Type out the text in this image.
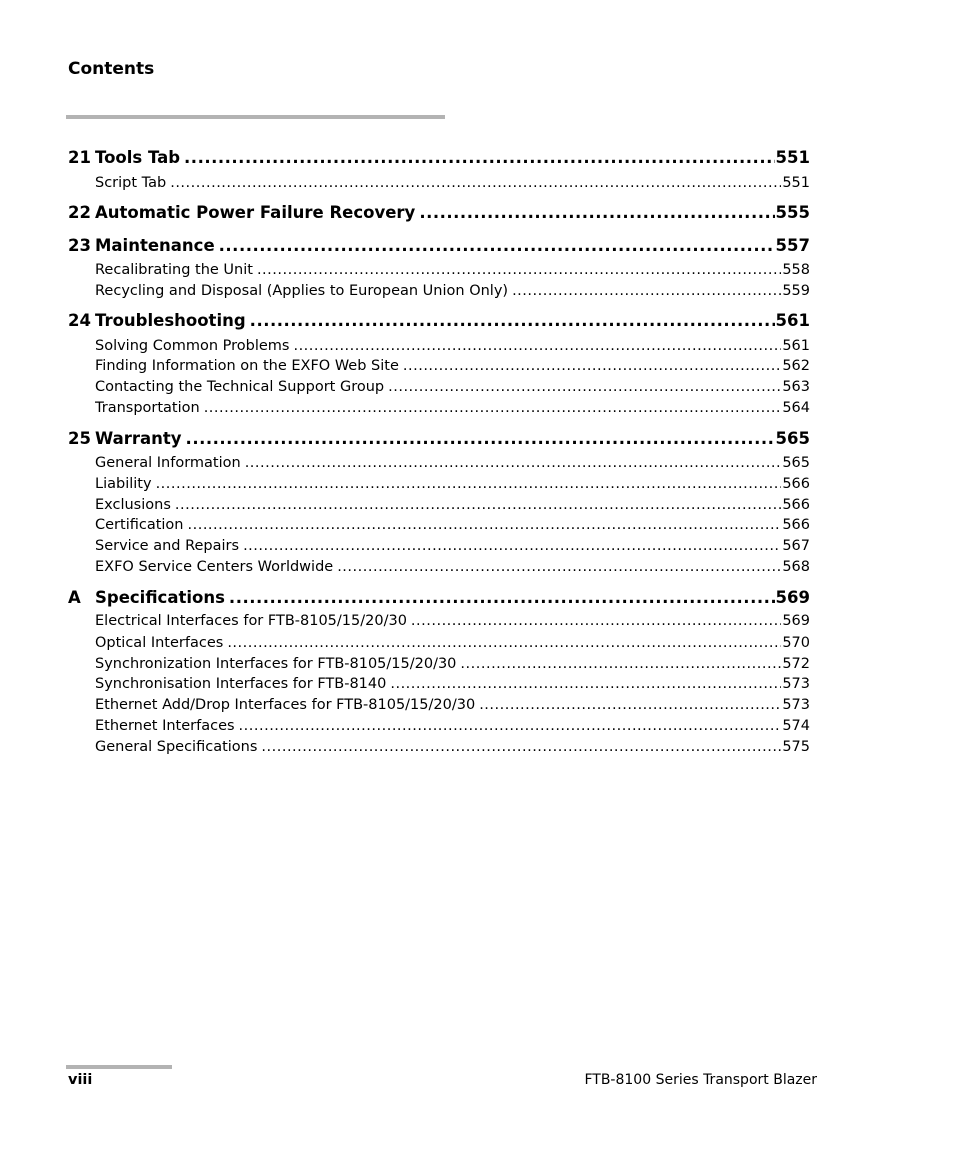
Contents
21 Tools Tab .....	551
Script Tab .....	551
22 Automatic Power Failure Recovery .....	555
23 Maintenance .....	557
Recalibrating the Unit .....	558
Recycling and Disposal (Applies to European Union Only) .....	559
24 Troubleshooting .....	561
Solving Common Problems .....	561
Finding Information on the EXFO Web Site .....	562
Contacting the Technical Support Group .....	563
Transportation .....	564
25 Warranty .....	565
General Information .....	565
Liability .....	566
Exclusions .....	566
Certification .....	566
Service and Repairs .....	567
EXFO Service Centers Worldwide .....	568
A Specifications .....	569
Electrical Interfaces for FTB-8105/15/20/30 .....	569
Optical Interfaces .....	570
Synchronization Interfaces for FTB-8105/15/20/30 .....	572
Synchronisation Interfaces for FTB-8140 .....	573
Ethernet Add/Drop Interfaces for FTB-8105/15/20/30 .....	573
Ethernet Interfaces .....	574
General Specifications .....	575
viii	FTB-8100 Series Transport Blazer
